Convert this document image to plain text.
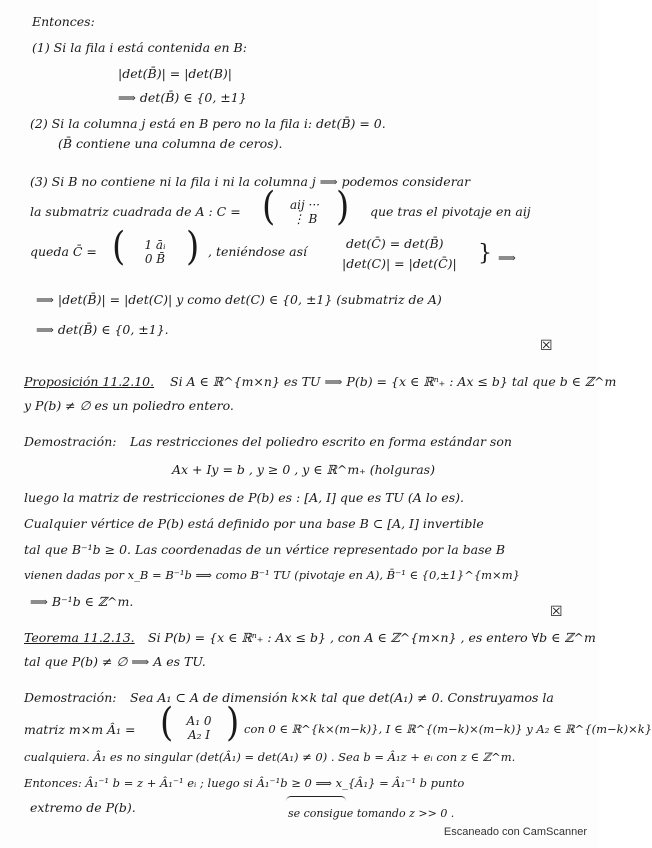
Entonces:
(1) Si la fila i está contenida en B:
|det(B̄)| = |det(B)|
⟹ det(B̄) ∈ {0, ±1}
(2) Si la columna j está en B pero no la fila i: det(B̄) = 0.
(B̄ contiene una columna de ceros).
(3) Si B no contiene ni la fila i ni la columna j ⟹ podemos considerar
la submatriz cuadrada de A : C = (	aij ···
⋮ B ) que tras el pivotaje en aij
queda C̄ = (	1 āᵢ
0 B̄ ) , teniéndose así
det(C̄) = det(B̄)
|det(C)| = |det(C̄)| } ⟹
⟹ |det(B̄)| = |det(C)| y como det(C) ∈ {0, ±1} (submatriz de A)
⟹ det(B̄) ∈ {0, ±1}.
☒
Proposición 11.2.10. Si A ∈ ℝ^{m×n} es TU ⟹ P(b) = {x ∈ ℝⁿ₊ : Ax ≤ b} tal que b ∈ ℤ^m
y P(b) ≠ ∅ es un poliedro entero.
Demostración: Las restricciones del poliedro escrito en forma estándar son
Ax + Iy = b , y ≥ 0 , y ∈ ℝ^m₊ (holguras)
luego la matriz de restricciones de P(b) es : [A, I] que es TU (A lo es).
Cualquier vértice de P(b) está definido por una base B ⊂ [A, I] invertible
tal que B⁻¹b ≥ 0. Las coordenadas de un vértice representado por la base B
vienen dadas por x_B = B⁻¹b ⟹ como B⁻¹ TU (pivotaje en A), B̄⁻¹ ∈ {0,±1}^{m×m}
⟹ B⁻¹b ∈ ℤ^m.
☒
Teorema 11.2.13. Si P(b) = {x ∈ ℝⁿ₊ : Ax ≤ b} , con A ∈ ℤ^{m×n} , es entero ∀b ∈ ℤ^m
tal que P(b) ≠ ∅ ⟹ A es TU.
Demostración: Sea A₁ ⊂ A de dimensión k×k tal que det(A₁) ≠ 0. Construyamos la
matriz m×m Â₁ = (	A₁ 0
A₂ I ) con 0 ∈ ℝ^{k×(m−k)}, I ∈ ℝ^{(m−k)×(m−k)} y A₂ ∈ ℝ^{(m−k)×k}
cualquiera. Â₁ es no singular (det(Â₁) = det(A₁) ≠ 0) . Sea b = Â₁z + eᵢ con z ∈ ℤ^m.
Entonces: Â₁⁻¹ b = z + Â₁⁻¹ eᵢ ; luego si Â₁⁻¹b ≥ 0 ⟹ x_{Â₁} = Â₁⁻¹ b punto
extremo de P(b).	se consigue tomando z >> 0 .
Escaneado con CamScanner
